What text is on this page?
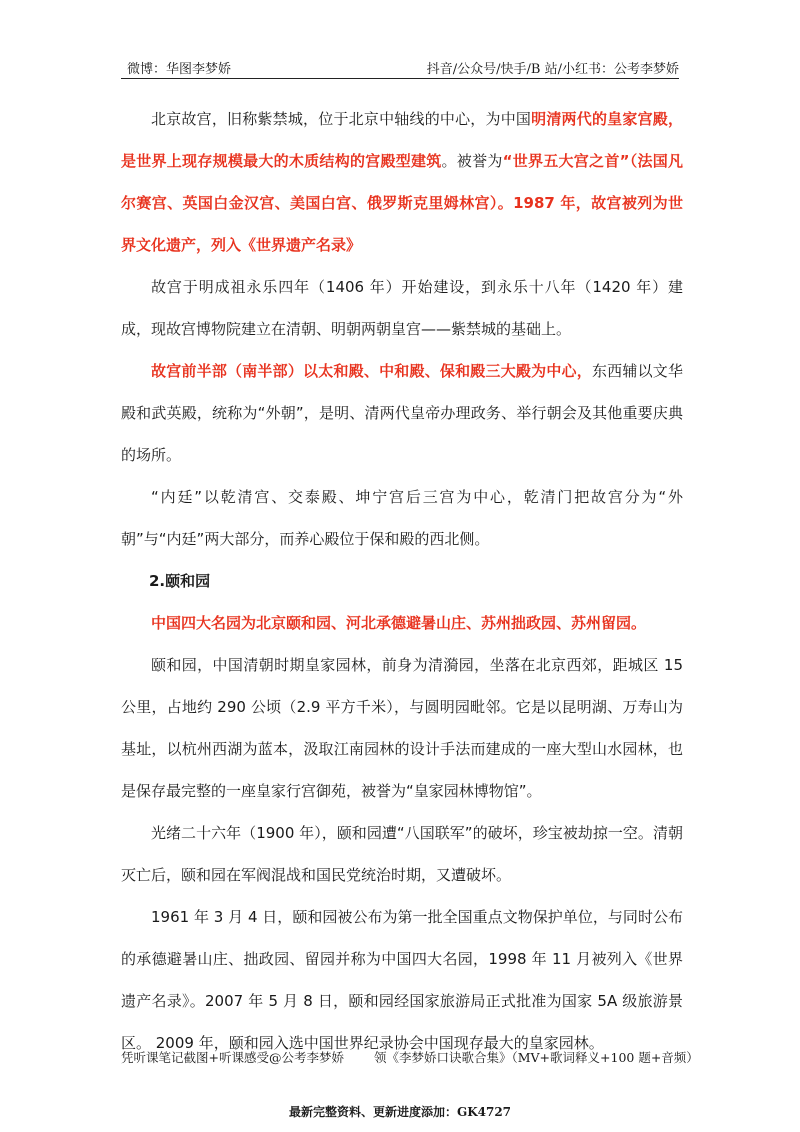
微博：华图李梦娇	抖音/公众号/快手/B 站/小红书：公考李梦娇

北京故宫，旧称紫禁城，位于北京中轴线的中心，为中国明清两代的皇家宫殿，是世界上现存规模最大的木质结构的宫殿型建筑。被誉为“世界五大宫之首”（法国凡尔赛宫、英国白金汉宫、美国白宫、俄罗斯克里姆林宫）。1987 年，故宫被列为世界文化遗产，列入《世界遗产名录》

故宫于明成祖永乐四年（1406 年）开始建设，到永乐十八年（1420 年）建成，现故宫博物院建立在清朝、明朝两朝皇宫——紫禁城的基础上。

故宫前半部（南半部）以太和殿、中和殿、保和殿三大殿为中心，东西辅以文华殿和武英殿，统称为“外朝”，是明、清两代皇帝办理政务、举行朝会及其他重要庆典的场所。

“内廷”以乾清宫、交泰殿、坤宁宫后三宫为中心，乾清门把故宫分为“外朝”与“内廷”两大部分，而养心殿位于保和殿的西北侧。

2.颐和园

中国四大名园为北京颐和园、河北承德避暑山庄、苏州拙政园、苏州留园。

颐和园，中国清朝时期皇家园林，前身为清漪园，坐落在北京西郊，距城区 15 公里，占地约 290 公顷（2.9 平方千米），与圆明园毗邻。它是以昆明湖、万寿山为基址，以杭州西湖为蓝本，汲取江南园林的设计手法而建成的一座大型山水园林，也是保存最完整的一座皇家行宫御苑，被誉为“皇家园林博物馆”。

光绪二十六年（1900 年），颐和园遭“八国联军”的破坏，珍宝被劫掠一空。清朝灭亡后，颐和园在军阀混战和国民党统治时期，又遭破坏。

1961 年 3 月 4 日，颐和园被公布为第一批全国重点文物保护单位，与同时公布的承德避暑山庄、拙政园、留园并称为中国四大名园，1998 年 11 月被列入《世界遗产名录》。2007 年 5 月 8 日，颐和园经国家旅游局正式批准为国家 5A 级旅游景区。 2009 年，颐和园入选中国世界纪录协会中国现存最大的皇家园林。

凭听课笔记截图+听课感受@公考李梦娇 领《李梦娇口诀歌合集》（MV+歌词释义+100 题+音频）
最新完整资料、更新进度添加：GK4727
